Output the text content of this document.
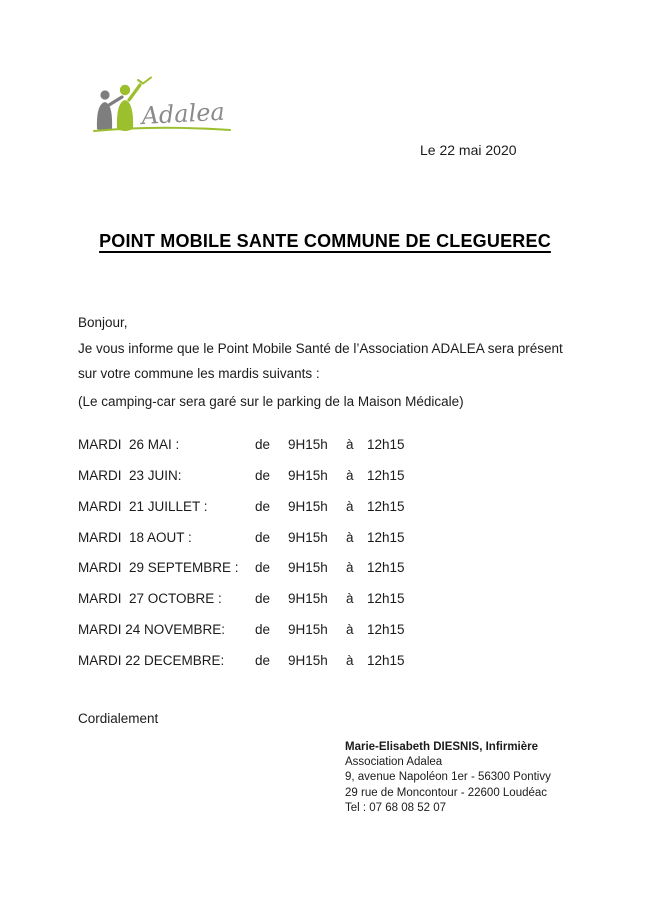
Adalea
Le 22 mai 2020
POINT MOBILE SANTE COMMUNE DE CLEGUEREC

Bonjour,

Je vous informe que le Point Mobile Santé de l’Association ADALEA sera présent
sur votre commune les mardis suivants :

(Le camping-car sera garé sur le parking de la Maison Médicale)

MARDI  26 MAI :	de	9H15h	à 12h15
MARDI  23 JUIN:	de	9H15h	à 12h15
MARDI  21 JUILLET :	de	9H15h	à 12h15
MARDI  18 AOUT :	de	9H15h	à 12h15
MARDI  29 SEPTEMBRE :	de	9H15h	à 12h15
MARDI  27 OCTOBRE :	de	9H15h	à 12h15
MARDI 24 NOVEMBRE:	de	9H15h	à 12h15
MARDI 22 DECEMBRE:	de	9H15h	à 12h15

Cordialement

Marie-Elisabeth DIESNIS, Infirmière
Association Adalea
9, avenue Napoléon 1er - 56300 Pontivy
29 rue de Moncontour - 22600 Loudéac
Tel : 07 68 08 52 07
